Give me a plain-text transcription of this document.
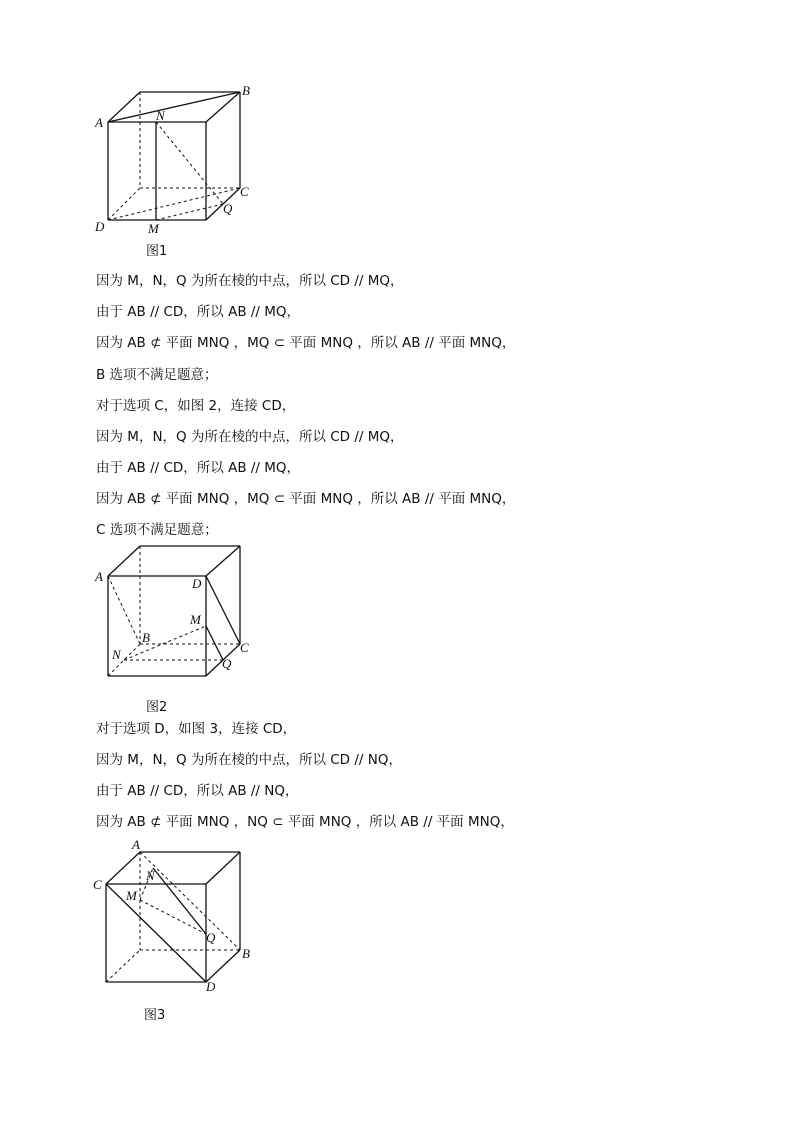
A
B
N
C
Q
D	M
图1
因为 M，N，Q 为所在棱的中点，所以 CD // MQ，
由于 AB // CD，所以 AB // MQ，
因为 AB ⊄ 平面 MNQ ，MQ ⊂ 平面 MNQ ，所以 AB // 平面 MNQ，
B 选项不满足题意；
对于选项 C，如图 2，连接 CD，
因为 M，N，Q 为所在棱的中点，所以 CD // MQ，
由于 AB // CD，所以 AB // MQ，
因为 AB ⊄ 平面 MNQ ，MQ ⊂ 平面 MNQ ，所以 AB // 平面 MNQ，
C 选项不满足题意；
A	D
M
B
N	C
Q
图2
对于选项 D，如图 3，连接 CD，
因为 M，N，Q 为所在棱的中点，所以 CD // NQ，
由于 AB // CD，所以 AB // NQ，
因为 AB ⊄ 平面 MNQ ，NQ ⊂ 平面 MNQ ，所以 AB // 平面 MNQ，
A
C
N
M
Q
B
D
图3
